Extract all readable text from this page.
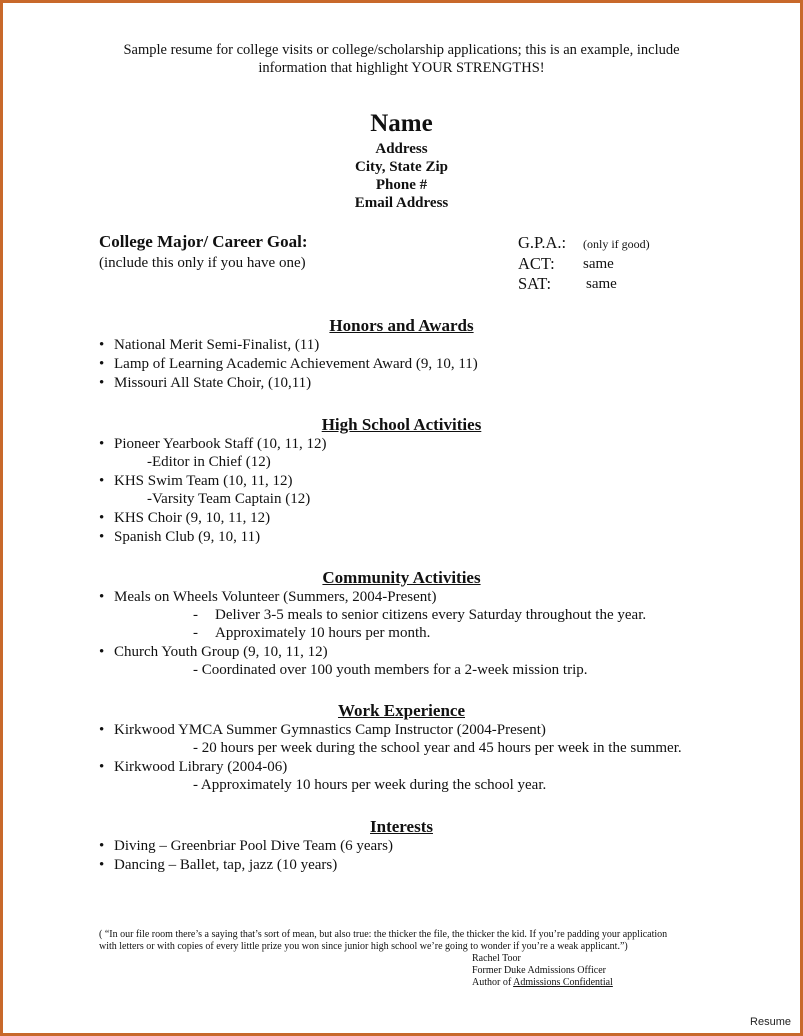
Sample resume for college visits or college/scholarship applications; this is an example, include
information that highlight YOUR STRENGTHS!
Name
Address
City, State Zip
Phone #
Email Address
College Major/ Career Goal:
(include this only if you have one)
G.P.A.: (only if good)
ACT: same
SAT: same
Honors and Awards
• National Merit Semi-Finalist, (11)
• Lamp of Learning Academic Achievement Award (9, 10, 11)
• Missouri All State Choir, (10,11)
High School Activities
• Pioneer Yearbook Staff (10, 11, 12)
-Editor in Chief (12)
• KHS Swim Team (10, 11, 12)
-Varsity Team Captain (12)
• KHS Choir (9, 10, 11, 12)
• Spanish Club (9, 10, 11)
Community Activities
• Meals on Wheels Volunteer (Summers, 2004-Present)
- Deliver 3-5 meals to senior citizens every Saturday throughout the year.
- Approximately 10 hours per month.
• Church Youth Group (9, 10, 11, 12)
- Coordinated over 100 youth members for a 2-week mission trip.
Work Experience
• Kirkwood YMCA Summer Gymnastics Camp Instructor (2004-Present)
- 20 hours per week during the school year and 45 hours per week in the summer.
• Kirkwood Library (2004-06)
- Approximately 10 hours per week during the school year.
Interests
• Diving – Greenbriar Pool Dive Team (6 years)
• Dancing – Ballet, tap, jazz (10 years)
( “In our file room there’s a saying that’s sort of mean, but also true: the thicker the file, the thicker the kid. If you’re padding your application
with letters or with copies of every little prize you won since junior high school we’re going to wonder if you’re a weak applicant.”)
Rachel Toor
Former Duke Admissions Officer
Author of Admissions Confidential
Resume
